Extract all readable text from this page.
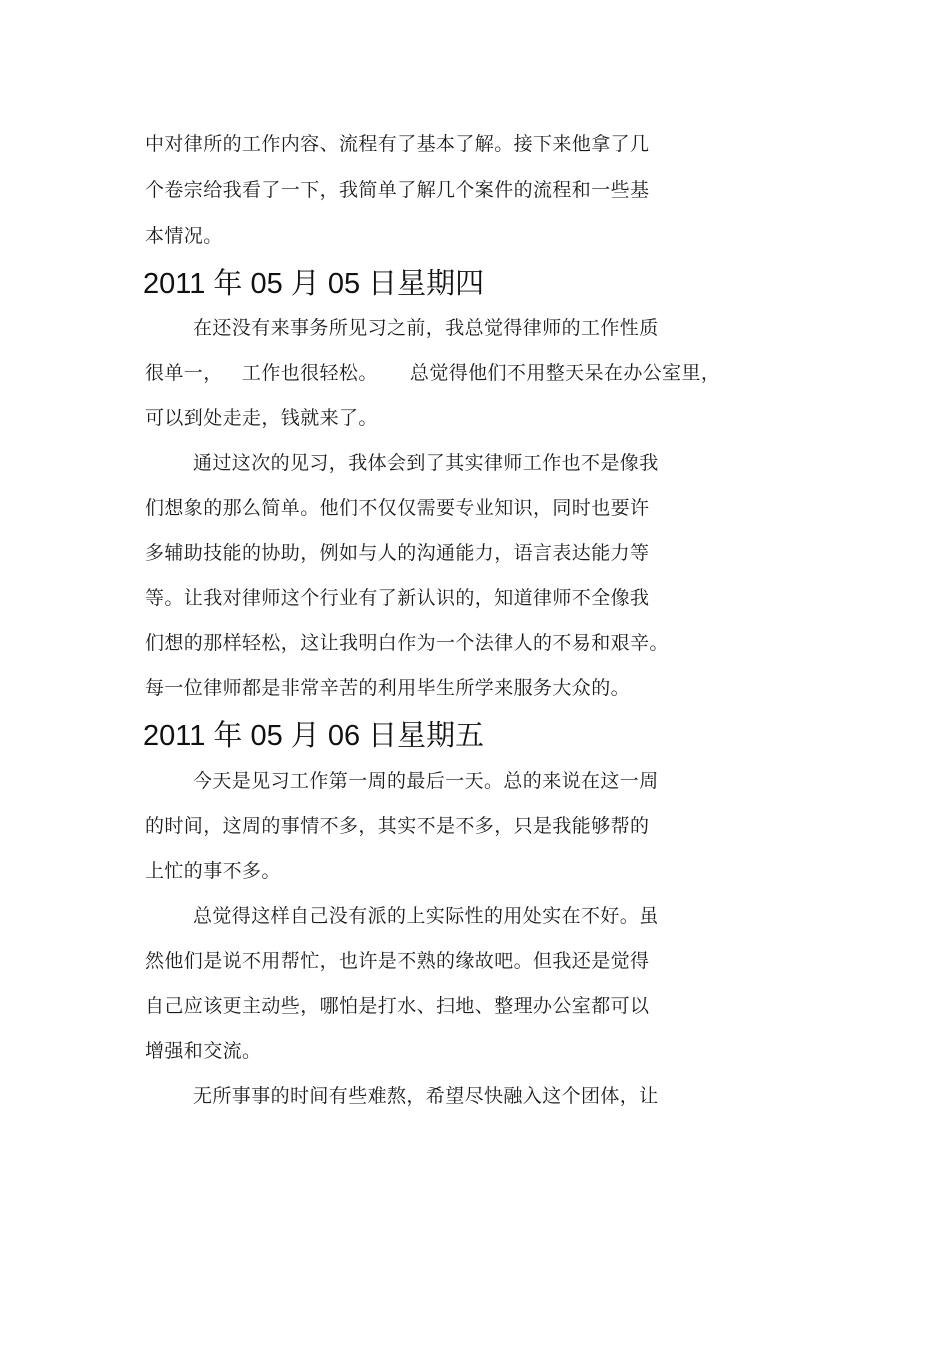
中对律所的工作内容、流程有了基本了解。接下来他拿了几
个卷宗给我看了一下，我简单了解几个案件的流程和一些基
本情况。
2011 年 05 月 05 日星期四
在还没有来事务所见习之前，我总觉得律师的工作性质
很单一，   工作也很轻松。     总觉得他们不用整天呆在办公室里，
可以到处走走，钱就来了。
通过这次的见习，我体会到了其实律师工作也不是像我
们想象的那么简单。他们不仅仅需要专业知识，同时也要许
多辅助技能的协助，例如与人的沟通能力，语言表达能力等
等。让我对律师这个行业有了新认识的，知道律师不全像我
们想的那样轻松，这让我明白作为一个法律人的不易和艰辛。
每一位律师都是非常辛苦的利用毕生所学来服务大众的。
2011 年 05 月 06 日星期五
今天是见习工作第一周的最后一天。总的来说在这一周
的时间，这周的事情不多，其实不是不多，只是我能够帮的
上忙的事不多。
总觉得这样自己没有派的上实际性的用处实在不好。虽
然他们是说不用帮忙，也许是不熟的缘故吧。但我还是觉得
自己应该更主动些，哪怕是打水、扫地、整理办公室都可以
增强和交流。
无所事事的时间有些难熬，希望尽快融入这个团体，让
